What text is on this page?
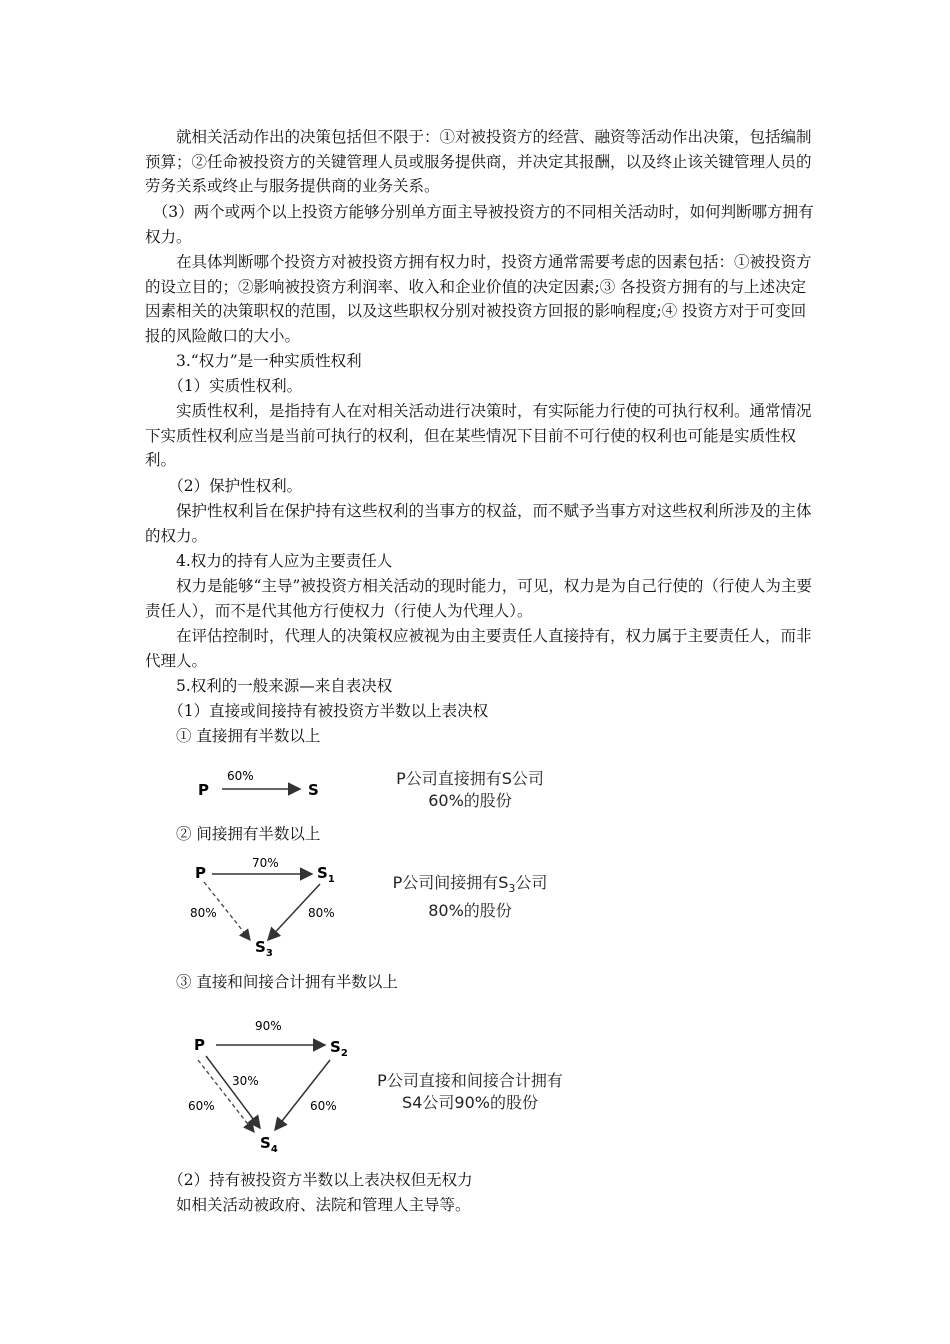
　　就相关活动作出的决策包括但不限于：①对被投资方的经营、融资等活动作出决策，包括编制预算；②任命被投资方的关键管理人员或服务提供商，并决定其报酬，以及终止该关键管理人员的劳务关系或终止与服务提供商的业务关系。

　（3）两个或两个以上投资方能够分别单方面主导被投资方的不同相关活动时，如何判断哪方拥有权力。

　　在具体判断哪个投资方对被投资方拥有权力时，投资方通常需要考虑的因素包括：①被投资方的设立目的；②影响被投资方利润率、收入和企业价值的决定因素;③ 各投资方拥有的与上述决定因素相关的决策职权的范围，以及这些职权分别对被投资方回报的影响程度;④ 投资方对于可变回报的风险敞口的大小。

　　3.“权力”是一种实质性权利

　　（1）实质性权利。

　　实质性权利，是指持有人在对相关活动进行决策时，有实际能力行使的可执行权利。通常情况下实质性权利应当是当前可执行的权利，但在某些情况下目前不可行使的权利也可能是实质性权利。

　　（2）保护性权利。

　　保护性权利旨在保护持有这些权利的当事方的权益，而不赋予当事方对这些权利所涉及的主体的权力。

　　4.权力的持有人应为主要责任人

　　权力是能够“主导”被投资方相关活动的现时能力，可见，权力是为自己行使的（行使人为主要责任人），而不是代其他方行使权力（行使人为代理人）。

　　在评估控制时，代理人的决策权应被视为由主要责任人直接持有，权力属于主要责任人，而非代理人。

　　5.权利的一般来源—来自表决权

　　（1）直接或间接持有被投资方半数以上表决权

　　① 直接拥有半数以上

P
60%
S
P公司直接拥有S公司
60%的股份

　　② 间接拥有半数以上

P
70%
$S_1$
80%	80%
$S_3$
P公司间接拥有$S_3$公司
80%的股份

　　③ 直接和间接合计拥有半数以上

P
90%
$S_2$
30%
60%	60%
$S_4$
P公司直接和间接合计拥有
S4公司90%的股份

　　（2）持有被投资方半数以上表决权但无权力

　　如相关活动被政府、法院和管理人主导等。
